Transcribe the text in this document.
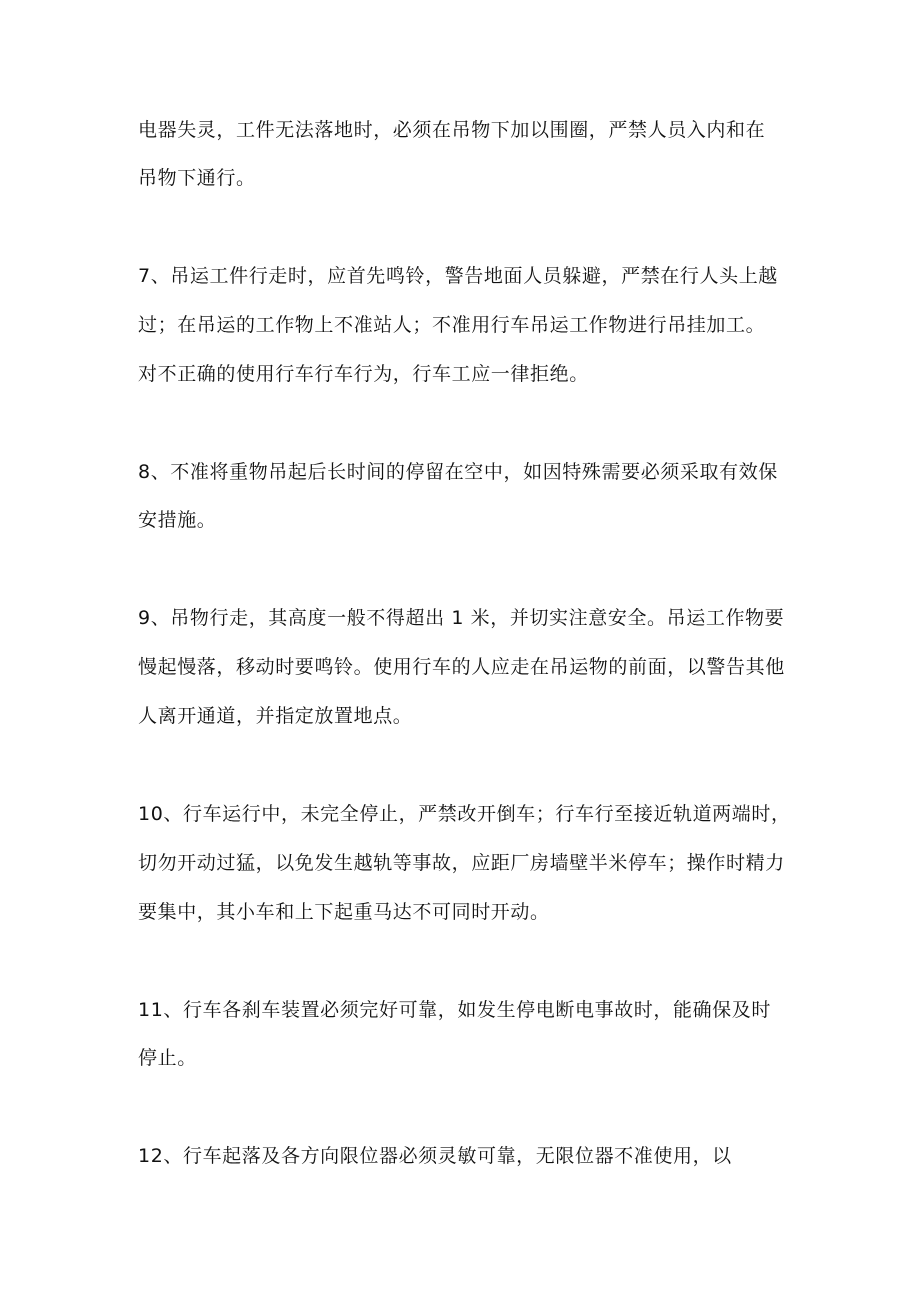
电器失灵，工件无法落地时，必须在吊物下加以围圈，严禁人员入内和在
吊物下通行。
7、吊运工件行走时，应首先鸣铃，警告地面人员躲避，严禁在行人头上越
过；在吊运的工作物上不准站人；不准用行车吊运工作物进行吊挂加工。
对不正确的使用行车行车行为，行车工应一律拒绝。
8、不准将重物吊起后长时间的停留在空中，如因特殊需要必须采取有效保
安措施。
9、吊物行走，其高度一般不得超出 1 米，并切实注意安全。吊运工作物要
慢起慢落，移动时要鸣铃。使用行车的人应走在吊运物的前面，以警告其他
人离开通道，并指定放置地点。
10、行车运行中，未完全停止，严禁改开倒车；行车行至接近轨道两端时，
切勿开动过猛，以免发生越轨等事故，应距厂房墙壁半米停车；操作时精力
要集中，其小车和上下起重马达不可同时开动。
11、行车各刹车装置必须完好可靠，如发生停电断电事故时，能确保及时
停止。
12、行车起落及各方向限位器必须灵敏可靠，无限位器不准使用，以
